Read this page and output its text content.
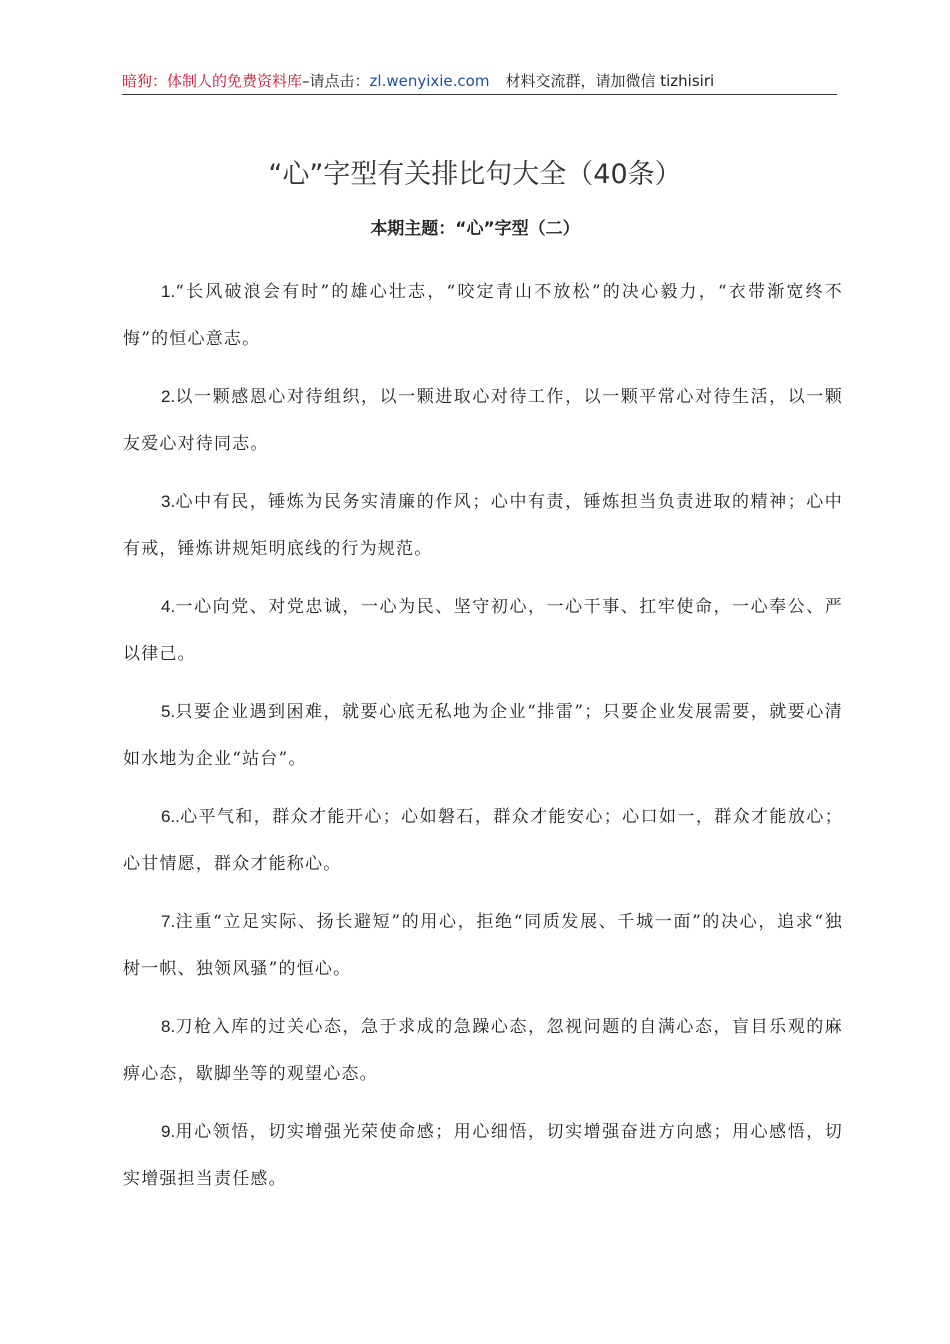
暗狗：体制人的免费资料库–请点击：zl.wenyixie.com 材料交流群，请加微信 tizhisiri
“心”字型有关排比句大全（40条）
本期主题：“心”字型（二）

1.“长风破浪会有时”的雄心壮志，“咬定青山不放松”的决心毅力，“衣带渐宽终不悔”的恒心意志。

2.以一颗感恩心对待组织，以一颗进取心对待工作，以一颗平常心对待生活，以一颗友爱心对待同志。

3.心中有民，锤炼为民务实清廉的作风；心中有责，锤炼担当负责进取的精神；心中有戒，锤炼讲规矩明底线的行为规范。

4.一心向党、对党忠诚，一心为民、坚守初心，一心干事、扛牢使命，一心奉公、严以律己。

5.只要企业遇到困难，就要心底无私地为企业“排雷”；只要企业发展需要，就要心清如水地为企业“站台”。

6..心平气和，群众才能开心；心如磐石，群众才能安心；心口如一，群众才能放心；心甘情愿，群众才能称心。

7.注重“立足实际、扬长避短”的用心，拒绝“同质发展、千城一面”的决心，追求“独树一帜、独领风骚”的恒心。

8.刀枪入库的过关心态，急于求成的急躁心态，忽视问题的自满心态，盲目乐观的麻痹心态，歇脚坐等的观望心态。

9.用心领悟，切实增强光荣使命感；用心细悟，切实增强奋进方向感；用心感悟，切实增强担当责任感。
